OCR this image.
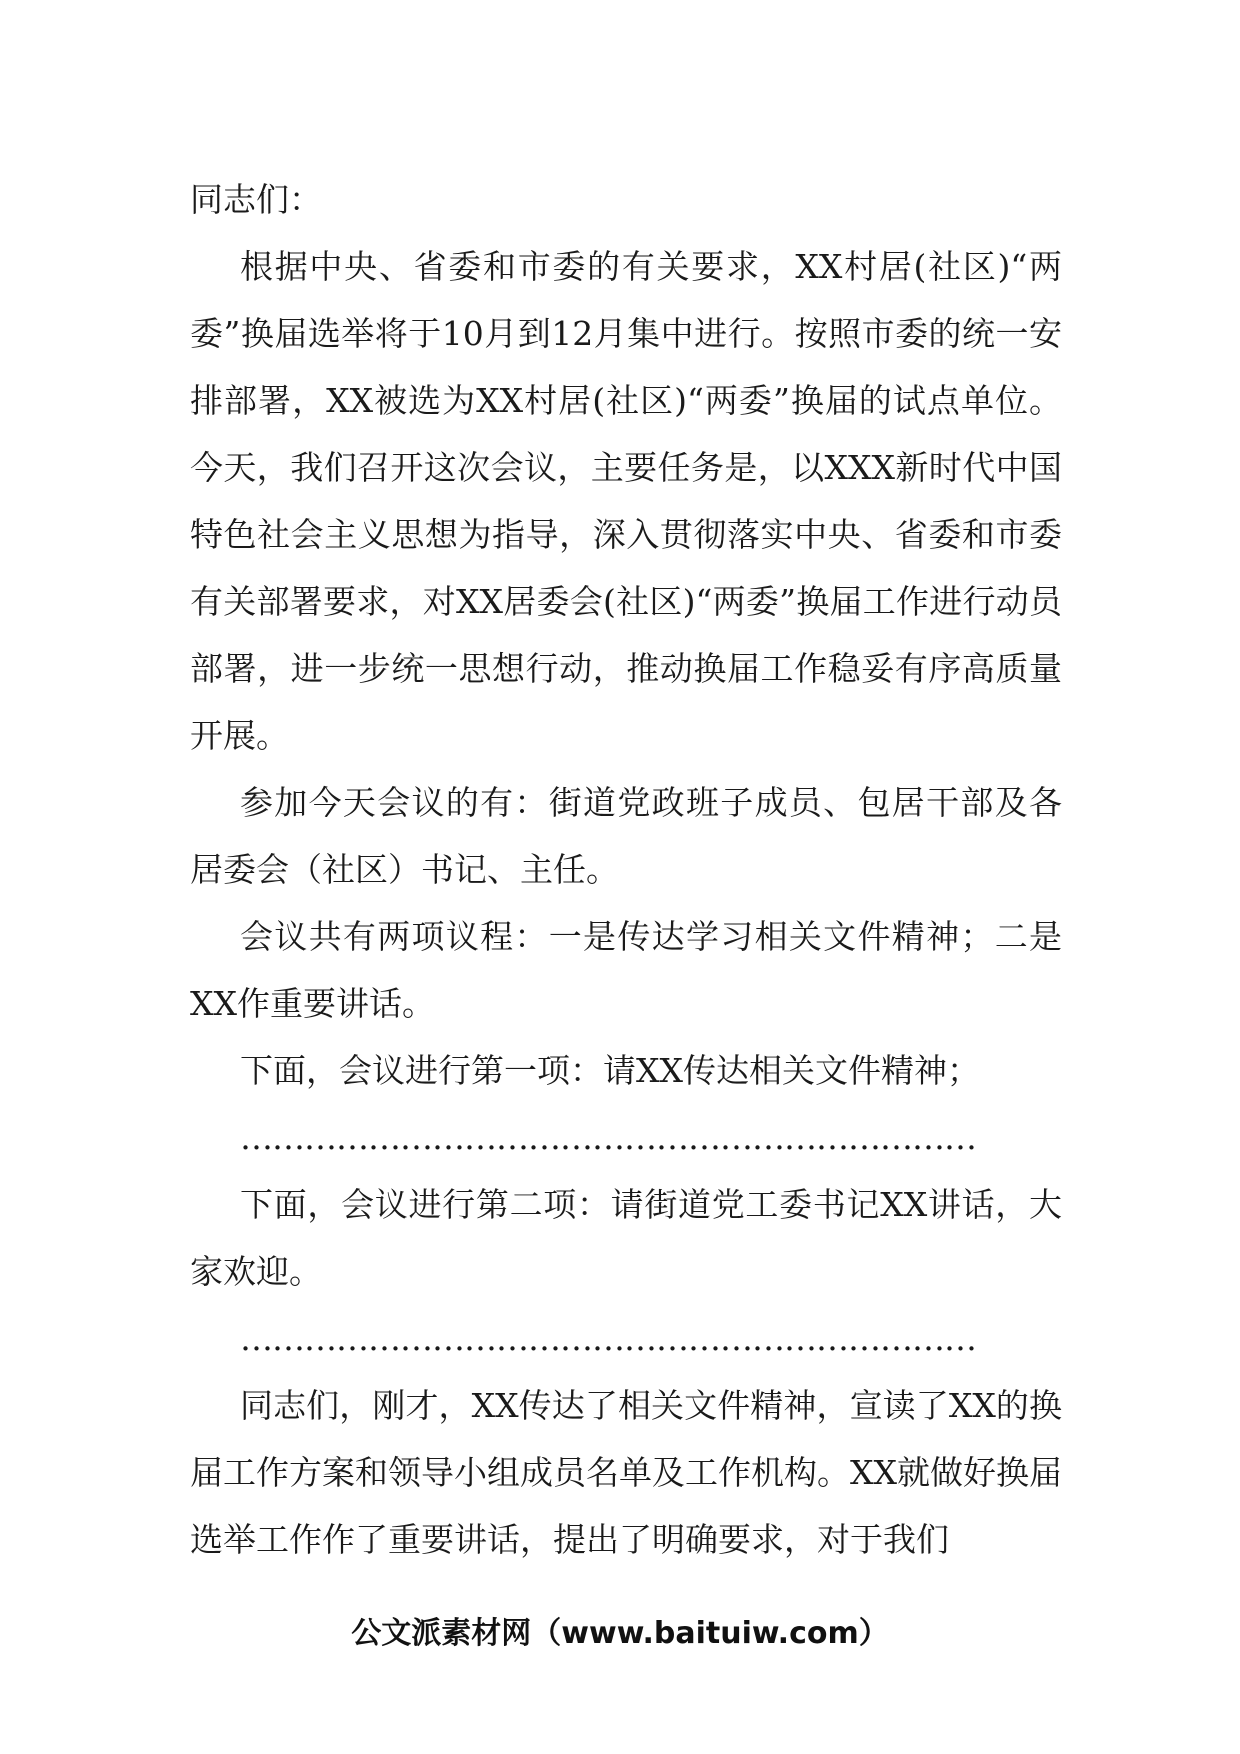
同志们：

根据中央、省委和市委的有关要求，XX村居(社区)“两委”换届选举将于10月到12月集中进行。按照市委的统一安排部署，XX被选为XX村居(社区)“两委”换届的试点单位。今天，我们召开这次会议，主要任务是，以XXX新时代中国特色社会主义思想为指导，深入贯彻落实中央、省委和市委有关部署要求，对XX居委会(社区)“两委”换届工作进行动员部署，进一步统一思想行动，推动换届工作稳妥有序高质量开展。

参加今天会议的有：街道党政班子成员、包居干部及各居委会（社区）书记、主任。

会议共有两项议程：一是传达学习相关文件精神；二是XX作重要讲话。

下面，会议进行第一项：请XX传达相关文件精神；

……………………………………………………………

下面，会议进行第二项：请街道党工委书记XX讲话，大家欢迎。

……………………………………………………………

同志们，刚才，XX传达了相关文件精神，宣读了XX的换届工作方案和领导小组成员名单及工作机构。XX就做好换届选举工作作了重要讲话，提出了明确要求，对于我们

公文派素材网（www.baituiw.com）
